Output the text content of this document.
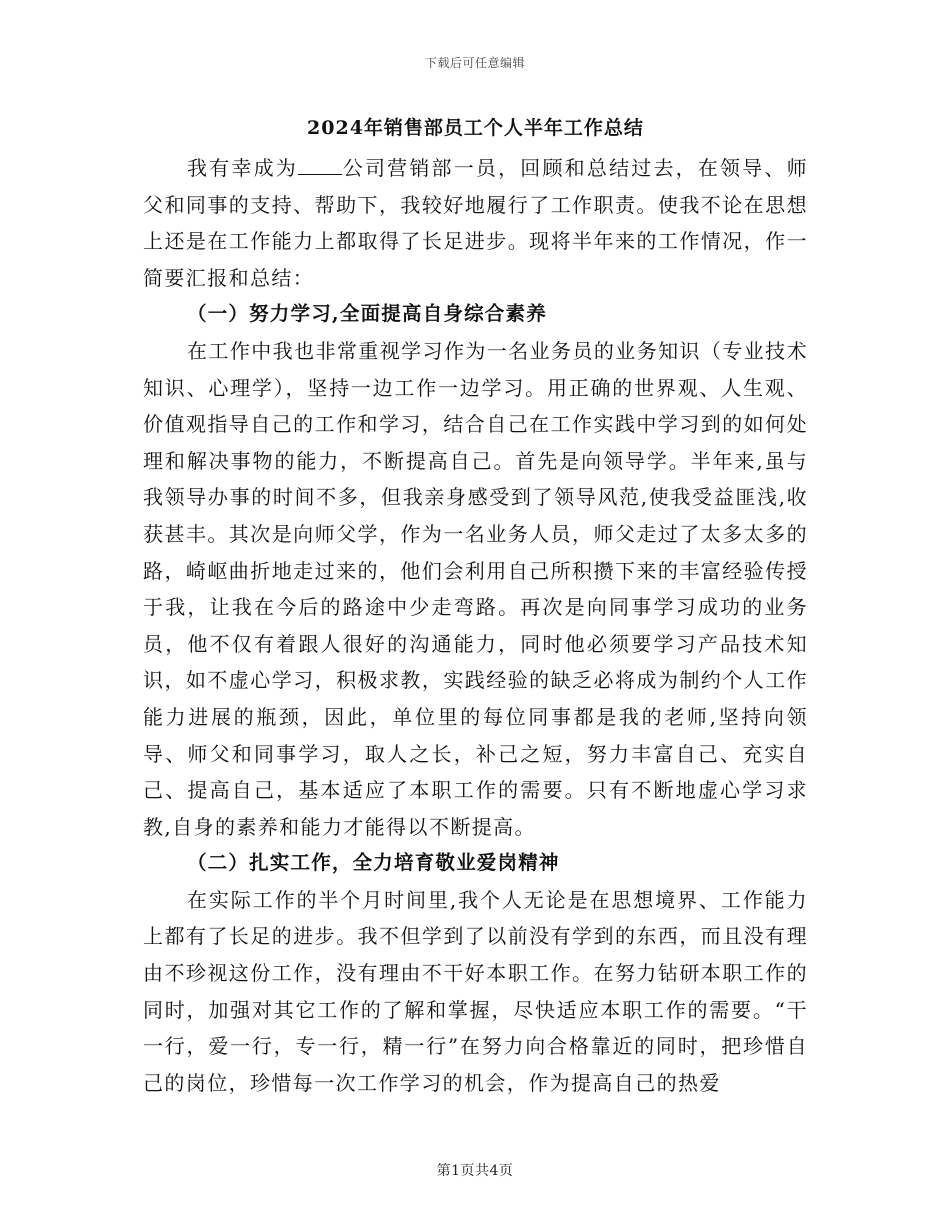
下载后可任意编辑
2024年销售部员工个人半年工作总结

我有幸成为 公司营销部一员，回顾和总结过去，在领导、师父和同事的支持、帮助下，我较好地履行了工作职责。使我不论在思想上还是在工作能力上都取得了长足进步。现将半年来的工作情况，作一简要汇报和总结：

（一）努力学习,全面提高自身综合素养

在工作中我也非常重视学习作为一名业务员的业务知识（专业技术知识、心理学），坚持一边工作一边学习。用正确的世界观、人生观、价值观指导自己的工作和学习，结合自己在工作实践中学习到的如何处理和解决事物的能力，不断提高自己。首先是向领导学。半年来,虽与我领导办事的时间不多，但我亲身感受到了领导风范,使我受益匪浅,收获甚丰。其次是向师父学，作为一名业务人员，师父走过了太多太多的路，崎岖曲折地走过来的，他们会利用自己所积攒下来的丰富经验传授于我，让我在今后的路途中少走弯路。再次是向同事学习成功的业务员，他不仅有着跟人很好的沟通能力，同时他必须要学习产品技术知识，如不虚心学习，积极求教，实践经验的缺乏必将成为制约个人工作能力进展的瓶颈，因此，单位里的每位同事都是我的老师,坚持向领导、师父和同事学习，取人之长，补己之短，努力丰富自己、充实自己、提高自己，基本适应了本职工作的需要。只有不断地虚心学习求教,自身的素养和能力才能得以不断提高。

（二）扎实工作，全力培育敬业爱岗精神

在实际工作的半个月时间里,我个人无论是在思想境界、工作能力上都有了长足的进步。我不但学到了以前没有学到的东西，而且没有理由不珍视这份工作，没有理由不干好本职工作。在努力钻研本职工作的同时，加强对其它工作的了解和掌握，尽快适应本职工作的需要。“干一行，爱一行，专一行，精一行”在努力向合格靠近的同时，把珍惜自己的岗位，珍惜每一次工作学习的机会，作为提高自己的热爱

第1页共4页
